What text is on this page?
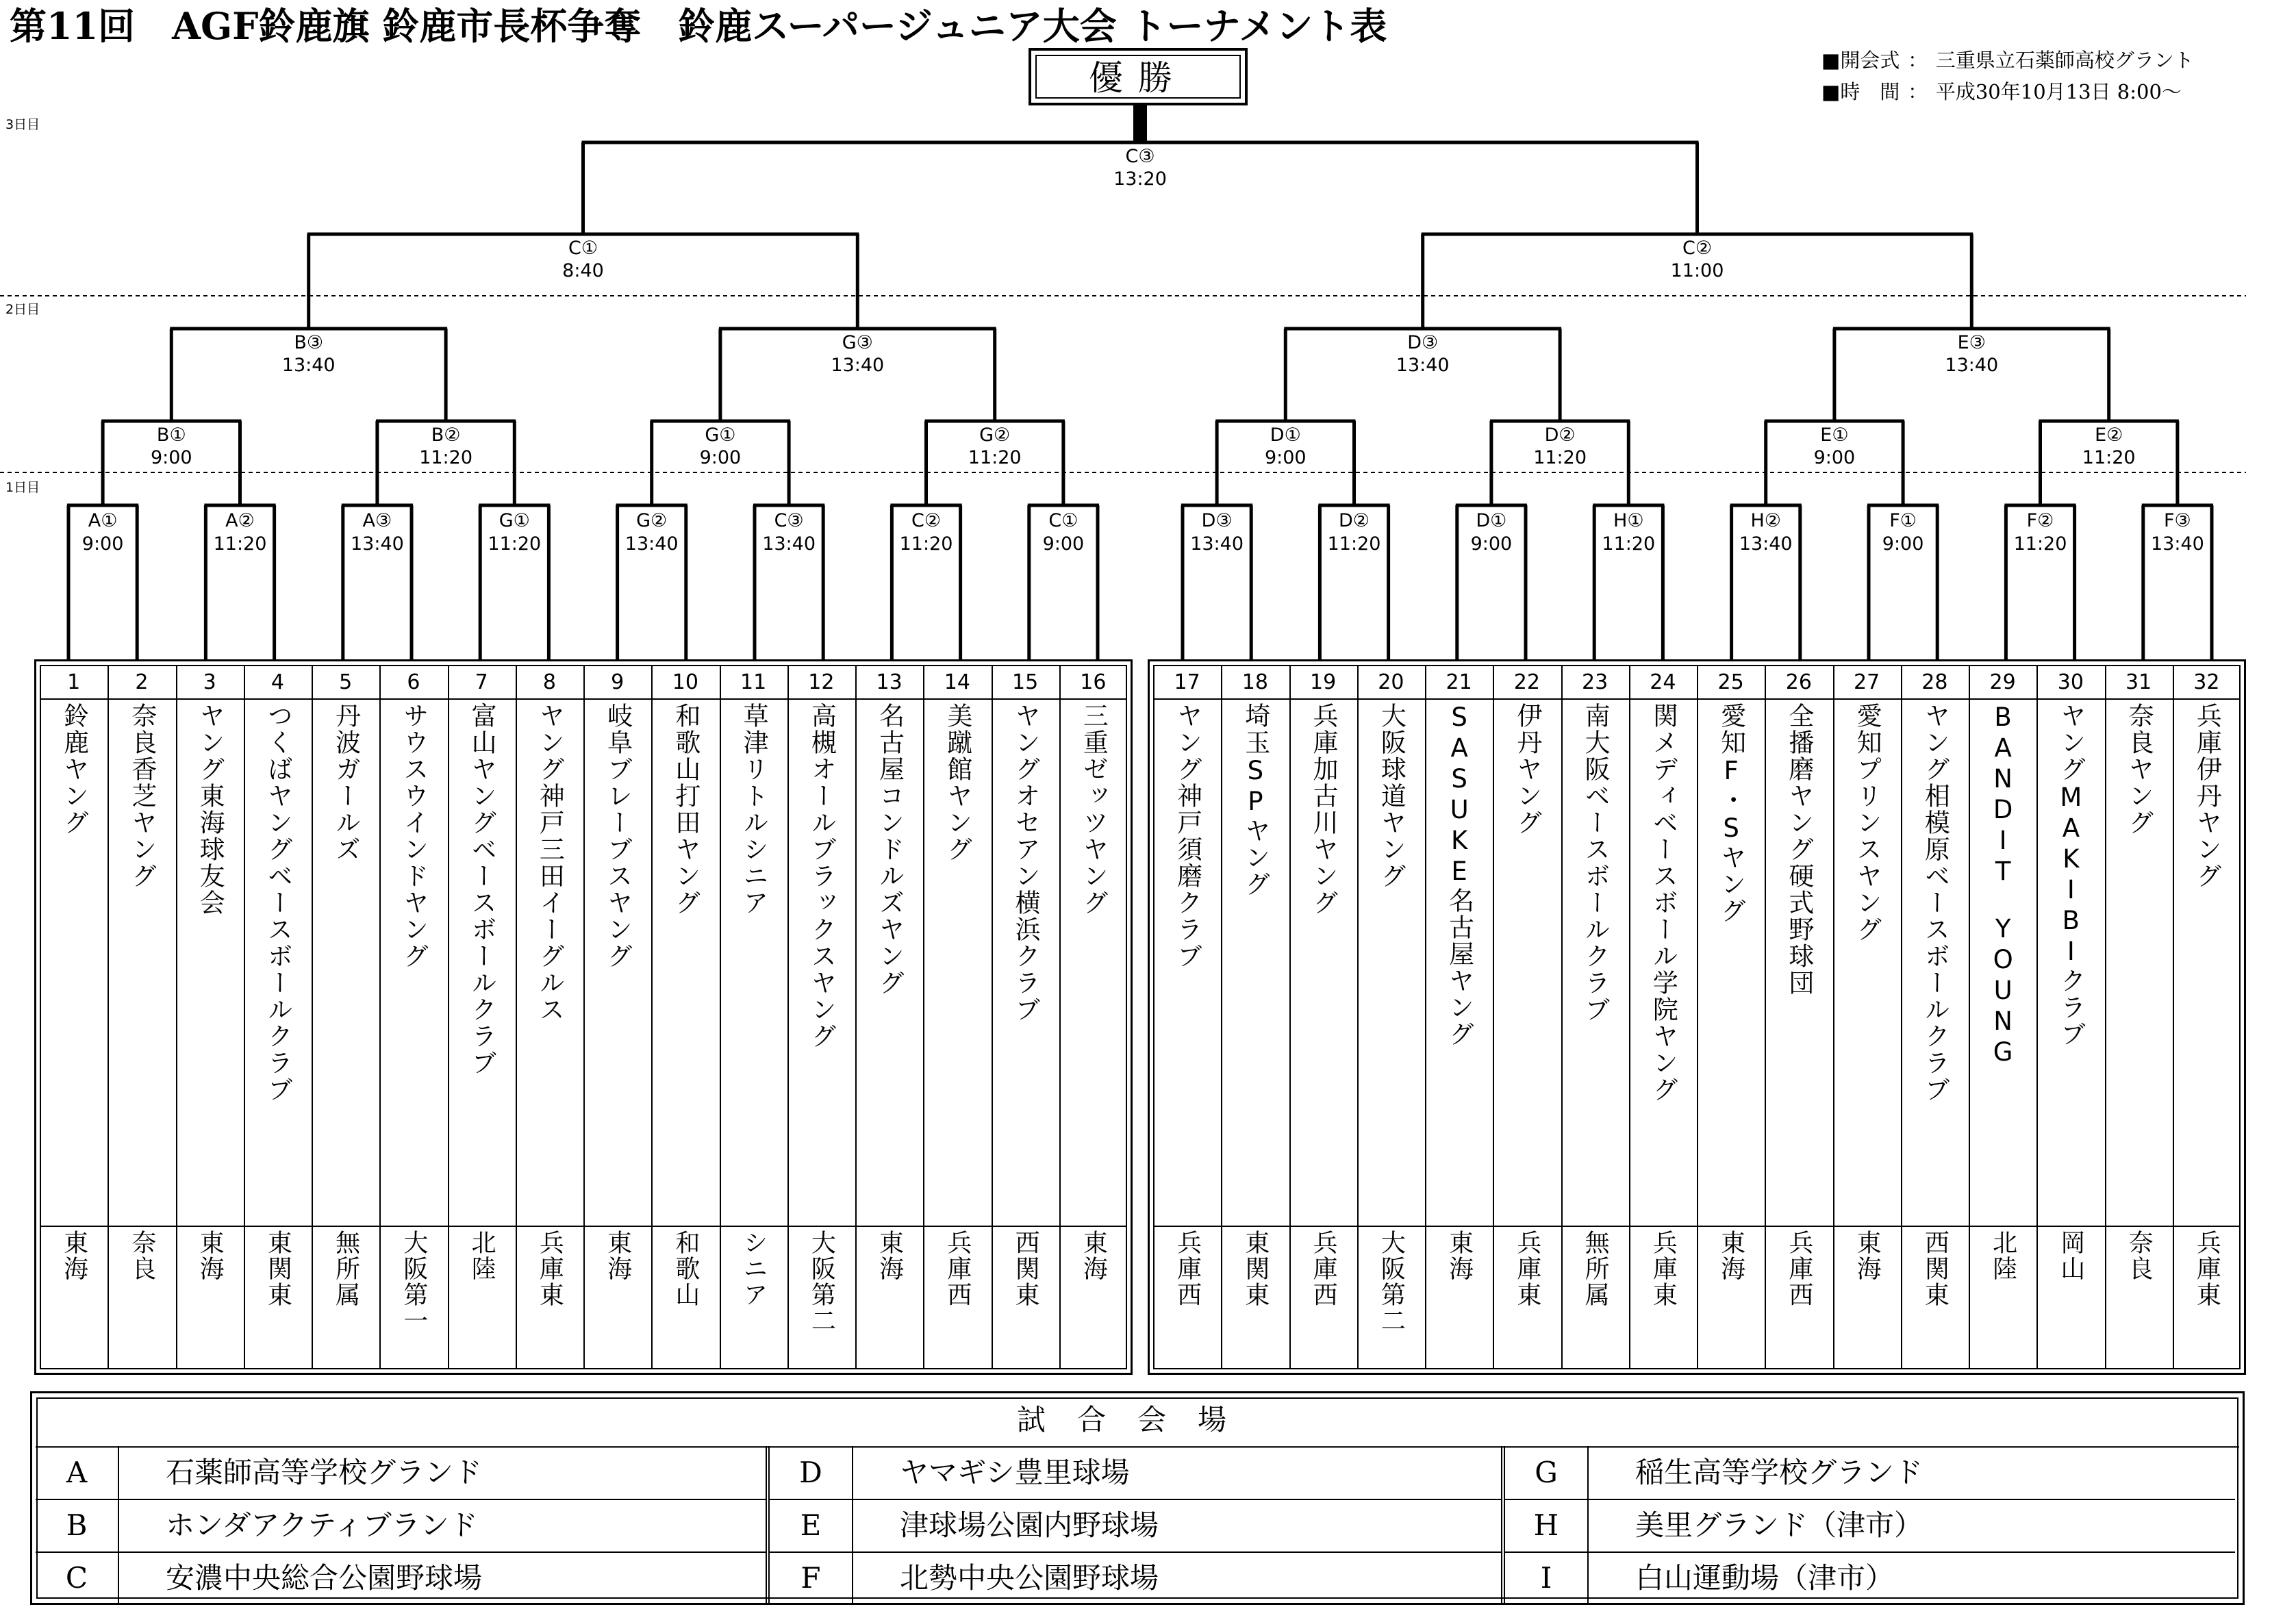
第11回　AGF鈴鹿旗 鈴鹿市長杯争奪　鈴鹿スーパージュニア大会 トーナメント表
■開会式 ： 三重県立石薬師高校グラント
■時　間 ： 平成30年10月13日 8:00～
優勝
3日目
2日目
1日目
A①
9:00
A②
11:20
A③
13:40
G①
11:20
G②
13:40
C③
13:40
C②
11:20
C①
9:00
D③
13:40
D②
11:20
D①
9:00
H①
11:20
H②
13:40
F①
9:00
F②
11:20
F③
13:40
B①
9:00
B②
11:20
G①
9:00
G②
11:20
D①
9:00
D②
11:20
E①
9:00
E②
11:20
B③
13:40
G③
13:40
D③
13:40
E③
13:40
C①
8:40
C②
11:00
C③
13:20
1
鈴鹿ヤング
東海
2
奈良香芝ヤング
奈良
3
ヤング東海球友会
東海
4
つくばヤングベースボールクラブ
東関東
5
丹波ガールズ
無所属
6
サウスウインドヤング
大阪第一
7
富山ヤングベースボールクラブ
北陸
8
ヤング神戸三田イーグルス
兵庫東
9
岐阜ブレーブスヤング
東海
10
和歌山打田ヤング
和歌山
11
草津リトルシニア
シニア
12
高槻オールブラックスヤング
大阪第二
13
名古屋コンドルズヤング
東海
14
美蹴館ヤング
兵庫西
15
ヤングオセアン横浜クラブ
西関東
16
三重ゼッツヤング
東海
17
ヤング神戸須磨クラブ
兵庫西
18
埼玉SPヤング
東関東
19
兵庫加古川ヤング
兵庫西
20
大阪球道ヤング
大阪第二
21
SASUKE名古屋ヤング
東海
22
伊丹ヤング
兵庫東
23
南大阪ベースボールクラブ
無所属
24
関メディベースボール学院ヤング
兵庫東
25
愛知F・Sヤング
東海
26
全播磨ヤング硬式野球団
兵庫西
27
愛知プリンスヤング
東海
28
ヤング相模原ベースボールクラブ
西関東
29
BANDIT　YOUNG
北陸
30
ヤングMAKIBIクラブ
岡山
31
奈良ヤング
奈良
32
兵庫伊丹ヤング
兵庫東
試合会場
A	石薬師高等学校グランド
B	ホンダアクティブランド
C	安濃中央総合公園野球場
D	ヤマギシ豊里球場
E	津球場公園内野球場
F	北勢中央公園野球場
G	稲生高等学校グランド
H	美里グランド（津市）
I	白山運動場（津市）
